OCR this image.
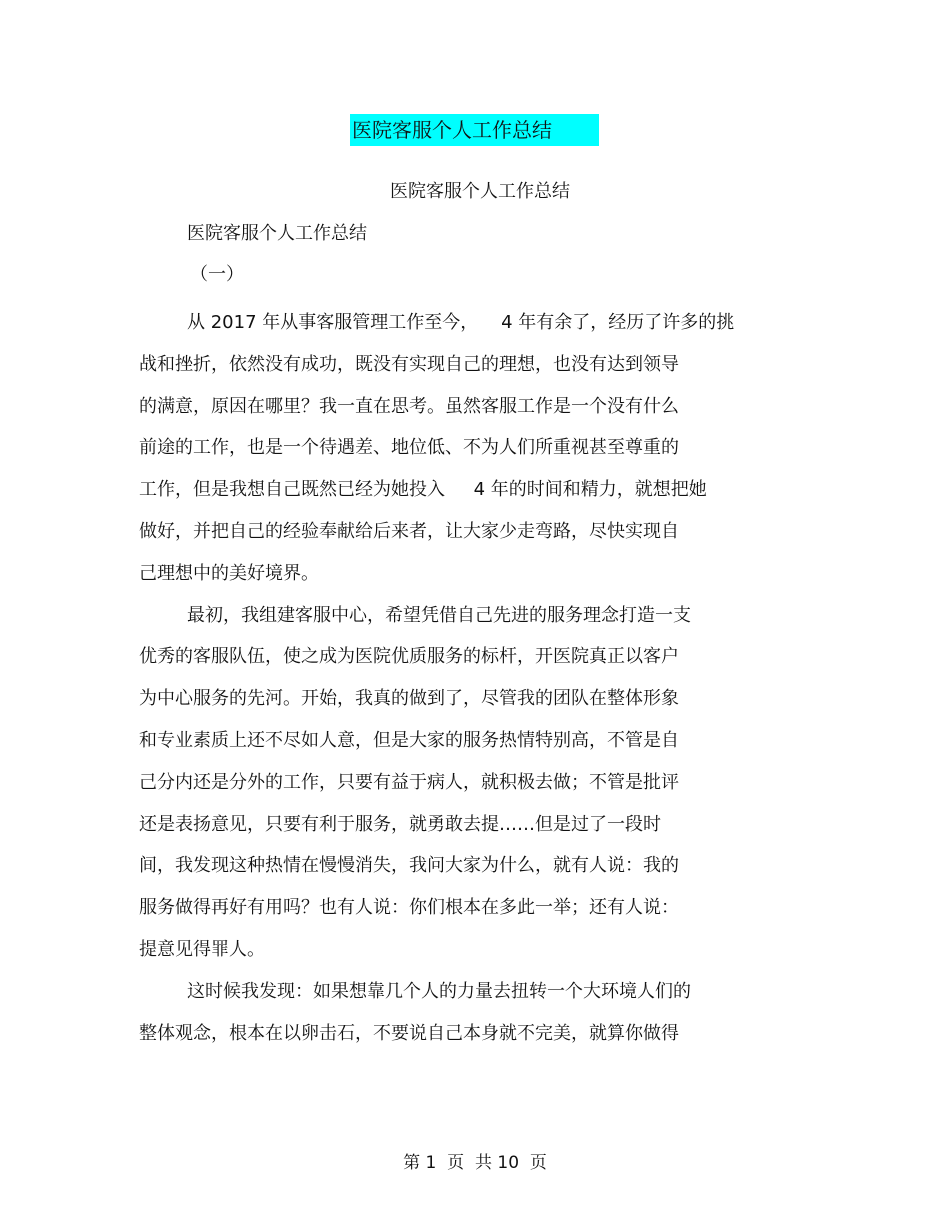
医院客服个人工作总结
医院客服个人工作总结
医院客服个人工作总结
（一）
从 2017 年从事客服管理工作至今，    4 年有余了，经历了许多的挑
战和挫折，依然没有成功，既没有实现自己的理想，也没有达到领导
的满意，原因在哪里？我一直在思考。虽然客服工作是一个没有什么
前途的工作，也是一个待遇差、地位低、不为人们所重视甚至尊重的
工作，但是我想自己既然已经为她投入     4 年的时间和精力，就想把她
做好，并把自己的经验奉献给后来者，让大家少走弯路，尽快实现自
己理想中的美好境界。
最初，我组建客服中心，希望凭借自己先进的服务理念打造一支
优秀的客服队伍，使之成为医院优质服务的标杆，开医院真正以客户
为中心服务的先河。开始，我真的做到了，尽管我的团队在整体形象
和专业素质上还不尽如人意，但是大家的服务热情特别高，不管是自
己分内还是分外的工作，只要有益于病人，就积极去做；不管是批评
还是表扬意见，只要有利于服务，就勇敢去提……但是过了一段时
间，我发现这种热情在慢慢消失，我问大家为什么，就有人说：我的
服务做得再好有用吗？也有人说：你们根本在多此一举；还有人说：
提意见得罪人。
这时候我发现：如果想靠几个人的力量去扭转一个大环境人们的
整体观念，根本在以卵击石，不要说自己本身就不完美，就算你做得
第 1  页  共 10  页
